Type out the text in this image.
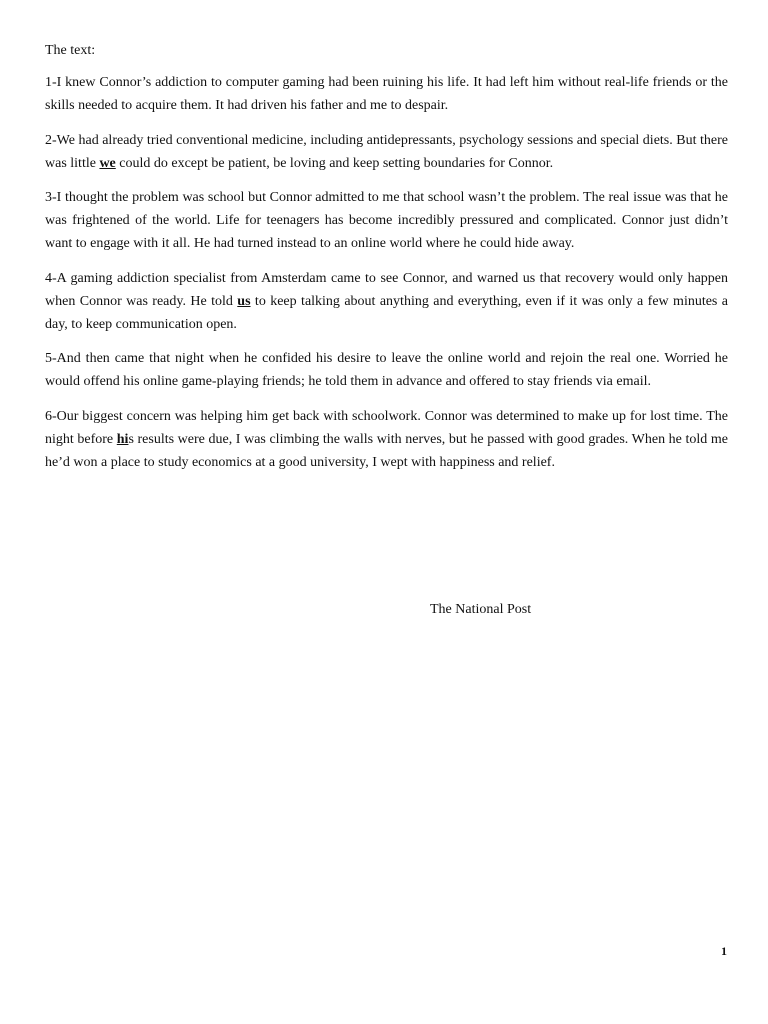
The text:

1-I knew Connor’s addiction to computer gaming had been ruining his life. It had left him without real-life friends or the skills needed to acquire them. It had driven his father and me to despair.

2-We had already tried conventional medicine, including antidepressants, psychology sessions and special diets. But there was little we could do except be patient, be loving and keep setting boundaries for Connor.

3-I thought the problem was school but Connor admitted to me that school wasn’t the problem. The real issue was that he was frightened of the world. Life for teenagers has become incredibly pressured and complicated. Connor just didn’t want to engage with it all. He had turned instead to an online world where he could hide away.

4-A gaming addiction specialist from Amsterdam came to see Connor, and warned us that recovery would only happen when Connor was ready. He told us to keep talking about anything and everything, even if it was only a few minutes a day, to keep communication open.

5-And then came that night when he confided his desire to leave the online world and rejoin the real one. Worried he would offend his online game-playing friends; he told them in advance and offered to stay friends via email.

6-Our biggest concern was helping him get back with schoolwork. Connor was determined to make up for lost time. The night before his results were due, I was climbing the walls with nerves, but he passed with good grades. When he told me he’d won a place to study economics at a good university, I wept with happiness and relief.

The National Post
1
